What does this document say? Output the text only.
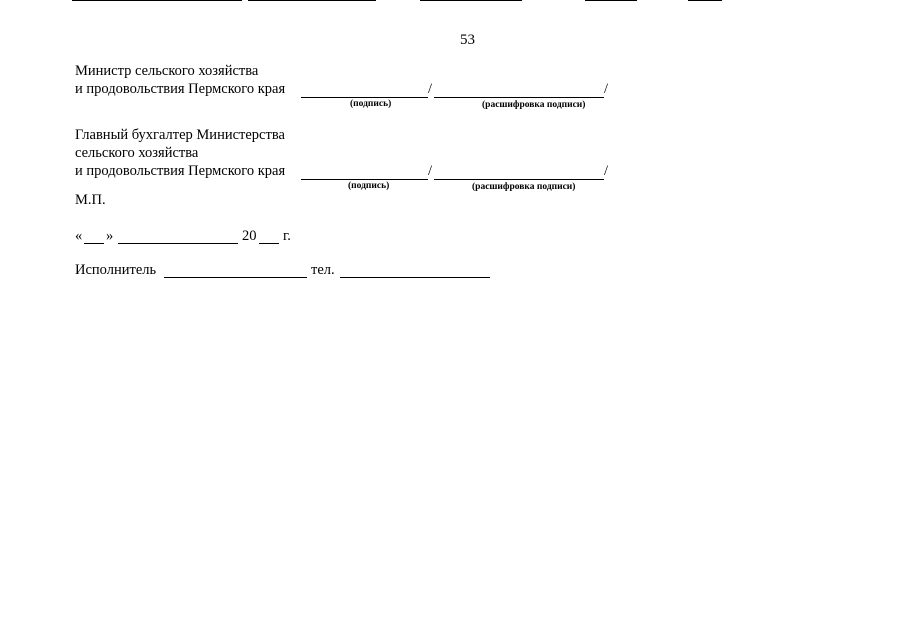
53
Министр сельского хозяйства
и продовольствия Пермского края	/	/
(подпись)	(расшифровка подписи)
Главный бухгалтер Министерства
сельского хозяйства
и продовольствия Пермского края	/	/
(подпись)	(расшифровка подписи)
М.П.
« »	20 г.
Исполнитель	тел.
